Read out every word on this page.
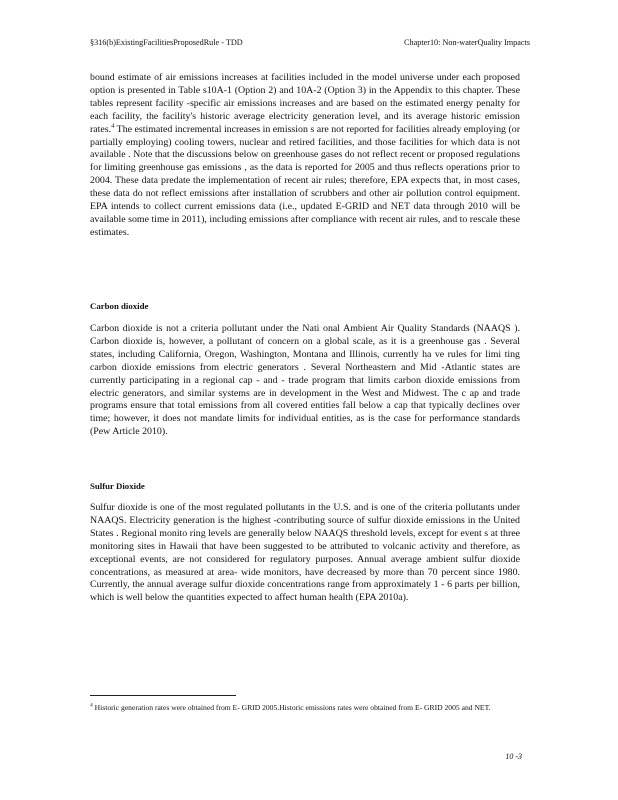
§316(b)ExistingFacilitiesProposedRule - TDD	Chapter10: Non-waterQuality Impacts
bound estimate of air emissions increases at facilities included in the model universe under each proposed option is presented in Table s10A-1 (Option 2) and 10A-2 (Option 3) in the Appendix to this chapter. These tables represent facility -specific air emissions increases and are based on the estimated energy penalty for each facility, the facility's historic average electricity generation level, and its average historic emission rates.$^4$ The estimated incremental increases in emission s are not reported for facilities already employing (or partially employing) cooling towers, nuclear and retired facilities, and those facilities for which data is not available . Note that the discussions below on greenhouse gases do not reflect recent or proposed regulations for limiting greenhouse gas emissions , as the data is reported for 2005 and thus reflects operations prior to 2004. These data predate the implementation of recent air rules; therefore, EPA expects that, in most cases, these data do not reflect emissions after installation of scrubbers and other air pollution control equipment. EPA intends to collect current emissions data (i.e., updated E-GRID and NET data through 2010 will be available some time in 2011), including emissions after compliance with recent air rules, and to rescale these estimates.
Carbon dioxide
Carbon dioxide is not a criteria pollutant under the Nati onal Ambient Air Quality Standards (NAAQS ). Carbon dioxide is, however, a pollutant of concern on a global scale, as it is a greenhouse gas . Several states, including California, Oregon, Washington, Montana and Illinois, currently ha ve rules for limi ting carbon dioxide emissions from electric generators . Several Northeastern and Mid -Atlantic states are currently participating in a regional cap - and - trade program that limits carbon dioxide emissions from electric generators, and similar systems are in development in the West and Midwest. The c ap and trade programs ensure that total emissions from all covered entities fall below a cap that typically declines over time; however, it does not mandate limits for individual entities, as is the case for performance standards (Pew Article 2010).
Sulfur Dioxide
Sulfur dioxide is one of the most regulated pollutants in the U.S. and is one of the criteria pollutants under NAAQS. Electricity generation is the highest -contributing source of sulfur dioxide emissions in the United States . Regional monito ring levels are generally below NAAQS threshold levels, except for event s at three monitoring sites in Hawaii that have been suggested to be attributed to volcanic activity and therefore, as exceptional events, are not considered for regulatory purposes. Annual average ambient sulfur dioxide concentrations, as measured at area- wide monitors, have decreased by more than 70 percent since 1980. Currently, the annual average sulfur dioxide concentrations range from approximately 1 - 6 parts per billion, which is well below the quantities expected to affect human health (EPA 2010a).
$^4$ Historic generation rates were obtained from E- GRID 2005.Historic emissions rates were obtained from E- GRID 2005 and NET.
10 -3
